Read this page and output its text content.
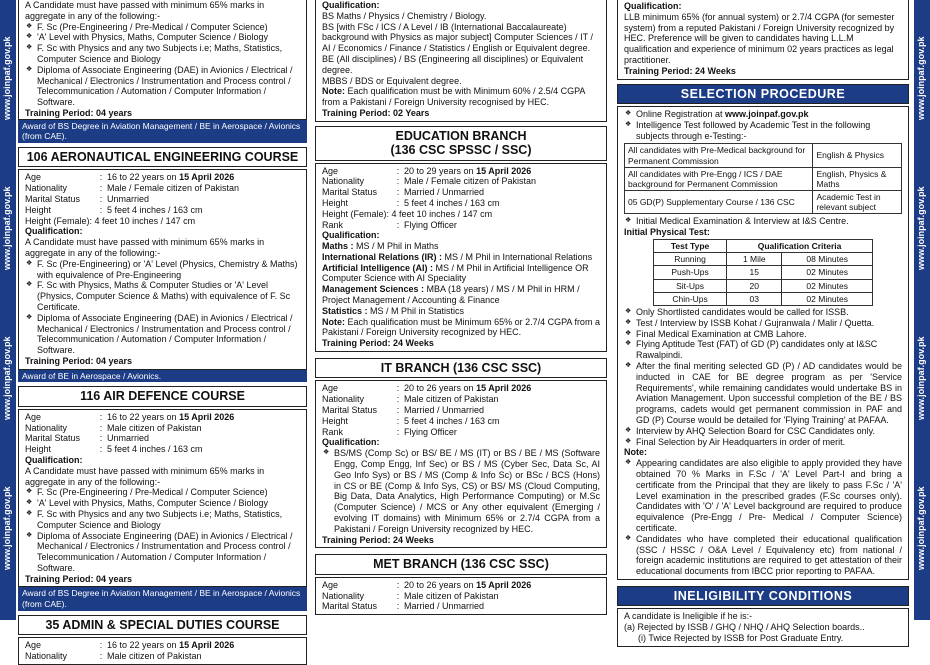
www.joinpaf.gov.pk
www.joinpaf.gov.pk
www.joinpaf.gov.pk
www.joinpaf.gov.pk
www.joinpaf.gov.pk
www.joinpaf.gov.pk
www.joinpaf.gov.pk
www.joinpaf.gov.pk

A Candidate must have passed with minimum 65% marks in aggregate in any of the following:-

❖ F. Sc (Pre-Engineering / Pre-Medical / Computer Science)
❖ 'A' Level with Physics, Maths, Computer Science / Biology
❖ F. Sc with Physics and any two Subjects i.e; Maths, Statistics, Computer Science and Biology
❖ Diploma of Associate Engineering (DAE) in Avionics / Electrical / Mechanical / Electronics / Instrumentation and Process control / Telecommunication / Automation / Computer Information / Software.

Training Period: 04 years

Award of BS Degree in Aviation Management / BE in Aerospace / Avionics (from CAE).
106 AERONAUTICAL ENGINEERING COURSE
Age	: 16 to 22 years on 15 April 2026
Nationality	: Male / Female citizen of Pakistan
Marital Status	: Unmarried
Height	: 5 feet 4 inches / 163 cm
Height (Female):
4 feet 10 inches / 147 cm

Qualification:

A Candidate must have passed with minimum 65% marks in aggregate in any of the following:-

❖ F. Sc (Pre-Engineering) or 'A' Level (Physics, Chemistry & Maths) with equivalence of Pre-Engineering
❖ F. Sc with Physics, Maths & Computer Studies or 'A' Level (Physics, Computer Science & Maths) with equivalence of F. Sc Certificate.
❖ Diploma of Associate Engineering (DAE) in Avionics / Electrical / Mechanical / Electronics / Instrumentation and Process control / Telecommunication / Automation / Computer Information / Software.

Training Period: 04 years

Award of BE in Aerospace / Avionics.
116 AIR DEFENCE COURSE
Age	: 16 to 22 years on 15 April 2026
Nationality	: Male citizen of Pakistan
Marital Status	: Unmarried
Height	: 5 feet 4 inches / 163 cm

Qualification:

A Candidate must have passed with minimum 65% marks in aggregate in any of the following:-

❖ F. Sc (Pre-Engineering / Pre-Medical / Computer Science)
❖ 'A' Level with Physics, Maths, Computer Science / Biology
❖ F. Sc with Physics and any two Subjects i.e; Maths, Statistics, Computer Science and Biology
❖ Diploma of Associate Engineering (DAE) in Avionics / Electrical / Mechanical / Electronics / Instrumentation and Process control / Telecommunication / Automation / Computer Information / Software.

Training Period: 04 years

Award of BS Degree in Aviation Management / BE in Aerospace / Avionics (from CAE).
35 ADMIN & SPECIAL DUTIES COURSE
Age	: 16 to 22 years on 15 April 2026
Nationality	: Male citizen of Pakistan

Qualification:

BS Maths / Physics / Chemistry / Biology.

BS [with FSc / ICS / A Level / IB (International Baccalaureate) background with Physics as major subject] Computer Sciences / IT / AI / Economics / Finance / Statistics / English or Equivalent degree.

BE (All disciplines) / BS (Engineering all disciplines) or Equivalent degree.

MBBS / BDS or Equivalent degree.

Note: Each qualification must be with Minimum 60% / 2.5/4 CGPA from a Pakistani / Foreign University recognised by HEC.

Training Period: 02 Years

EDUCATION BRANCH
(136 CSC SPSSC / SSC)
Age	: 20 to 29 years on 15 April 2026
Nationality	: Male / Female citizen of Pakistan
Marital Status	: Married / Unmarried
Height	: 5 feet 4 inches / 163 cm
Height (Female):
4 feet 10 inches / 147 cm
Rank	: Flying Officer

Qualification:

Maths : MS / M Phil in Maths

International Relations (IR) : MS / M Phil in International Relations

Artificial Intelligence (AI) : MS / M Phil in Artificial Intelligence OR Computer Science with AI Speciality

Management Sciences : MBA (18 years) / MS / M Phil in HRM / Project Management / Accounting & Finance

Statistics : MS / M Phil in Statistics

Note: Each qualification must be Minimum 65% or 2.7/4 CGPA from a Pakistani / Foreign University recognized by HEC.

Training Period: 24 Weeks

IT BRANCH (136 CSC SSC)
Age	: 20 to 26 years on 15 April 2026
Nationality	: Male citizen of Pakistan
Marital Status	: Married / Unmarried
Height	: 5 feet 4 inches / 163 cm
Rank	: Flying Officer

Qualification:

❖ BS/MS (Comp Sc) or BS/ BE / MS (IT) or BS / BE / MS (Software Engg, Comp Engg, Inf Sec) or BS / MS (Cyber Sec, Data Sc, AI Geo Info Sys) or BS / MS (Comp & Info Sc) or BSc / BCS (Hons) in CS or BE (Comp & Info Sys, CS) or BS/ MS (Cloud Computing, Big Data, Data Analytics, High Performance Computing) or M.Sc (Computer Science) / MCS or Any other equivalent (Emerging / evolving IT domains) with Minimum 65% or 2.7/4 CGPA from a Pakistani / Foreign University recognized by HEC.

Training Period: 24 Weeks

MET BRANCH (136 CSC SSC)
Age	: 20 to 26 years on 15 April 2026
Nationality	: Male citizen of Pakistan
Marital Status	: Married / Unmarried

Qualification:

LLB minimum 65% (for annual system) or 2.7/4 CGPA (for semester system) from a reputed Pakistani / Foreign University recognized by HEC. Preference will be given to candidates having L.L.M qualification and experience of minimum 02 years practices as legal practitioner.

Training Period: 24 Weeks

SELECTION PROCEDURE
❖ Online Registration at www.joinpaf.gov.pk
❖ Intelligence Test followed by Academic Test in the following subjects through e-Testing:-
All candidates with Pre-Medical background for Permanent Commission	English & Physics
All candidates with Pre-Engg / ICS / DAE background for Permanent Commission	English, Physics & Maths
05 GD(P) Supplementary Course / 136 CSC	Academic Test in relevant subject
❖ Initial Medical Examination & Interview at I&S Centre.

Initial Physical Test:

Test Type	Qualification Criteria	
Running	1 Mile	08 Minutes
Push-Ups	15	02 Minutes
Sit-Ups	20	02 Minutes
Chin-Ups	03	02 Minutes
❖ Only Shortlisted candidates would be called for ISSB.
❖ Test / Interview by ISSB Kohat / Gujranwala / Malir / Quetta.
❖ Final Medical Examination at CMB Lahore.
❖ Flying Aptitude Test (FAT) of GD (P) candidates only at I&SC Rawalpindi.
❖ After the final meriting selected GD (P) / AD candidates would be inducted in CAE for BE degree program as per 'Service Requirements', while remaining candidates would undertake BS in Aviation Management. Upon successful completion of the BE / BS programs, cadets would get permanent commission in PAF and GD (P) Course would be detailed for 'Flying Training' at PAFAA.
❖ Interview by AHQ Selection Board for CSC Candidates only.
❖ Final Selection by Air Headquarters in order of merit.

Note:

❖ Appearing candidates are also eligible to apply provided they have obtained 70 % Marks in F.Sc / 'A' Level Part-I and bring a certificate from the Principal that they are likely to pass F.Sc / 'A' Level examination in the prescribed grades (F.Sc courses only). Candidates with 'O' / 'A' Level background are required to produce equivalence (Pre-Engg / Pre- Medical / Computer Science) certificate.
❖ Candidates who have completed their educational qualification (SSC / HSSC / O&A Level / Equivalency etc) from national / foreign academic institutions are required to get attestation of their educational documents from IBCC prior reporting to PAFAA.
INELIGIBILITY CONDITIONS

A candidate is Ineligible if he is:-

(a) Rejected by ISSB / GHQ / NHQ / AHQ Selection boards..

(i) Twice Rejected by ISSB for Post Graduate Entry.
